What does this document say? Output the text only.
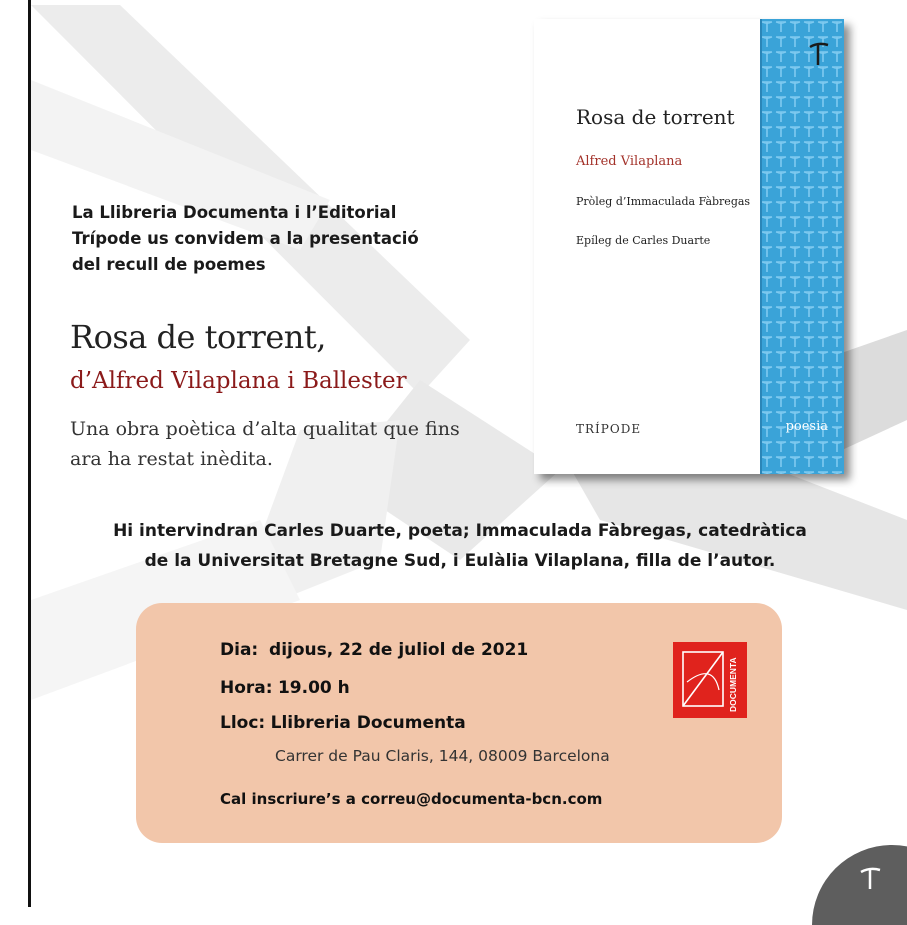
La Llibreria Documenta i l’Editorial
Trípode us convidem a la presentació
del recull de poemes
Rosa de torrent,
d’Alfred Vilaplana i Ballester
Una obra poètica d’alta qualitat que fins
ara ha restat inèdita.
Rosa de torrent
Alfred Vilaplana
Pròleg d’Immaculada Fàbregas
Epíleg de Carles Duarte
TRÍPODE	poesia
Hi intervindran Carles Duarte, poeta; Immaculada Fàbregas, catedràtica
de la Universitat Bretagne Sud, i Eulàlia Vilaplana, filla de l’autor.
Dia: dijous, 22 de juliol de 2021
Hora: 19.00 h
Lloc: Llibreria Documenta
Carrer de Pau Claris, 144, 08009 Barcelona
Cal inscriure’s a correu@documenta-bcn.com
DOCUMENTA
